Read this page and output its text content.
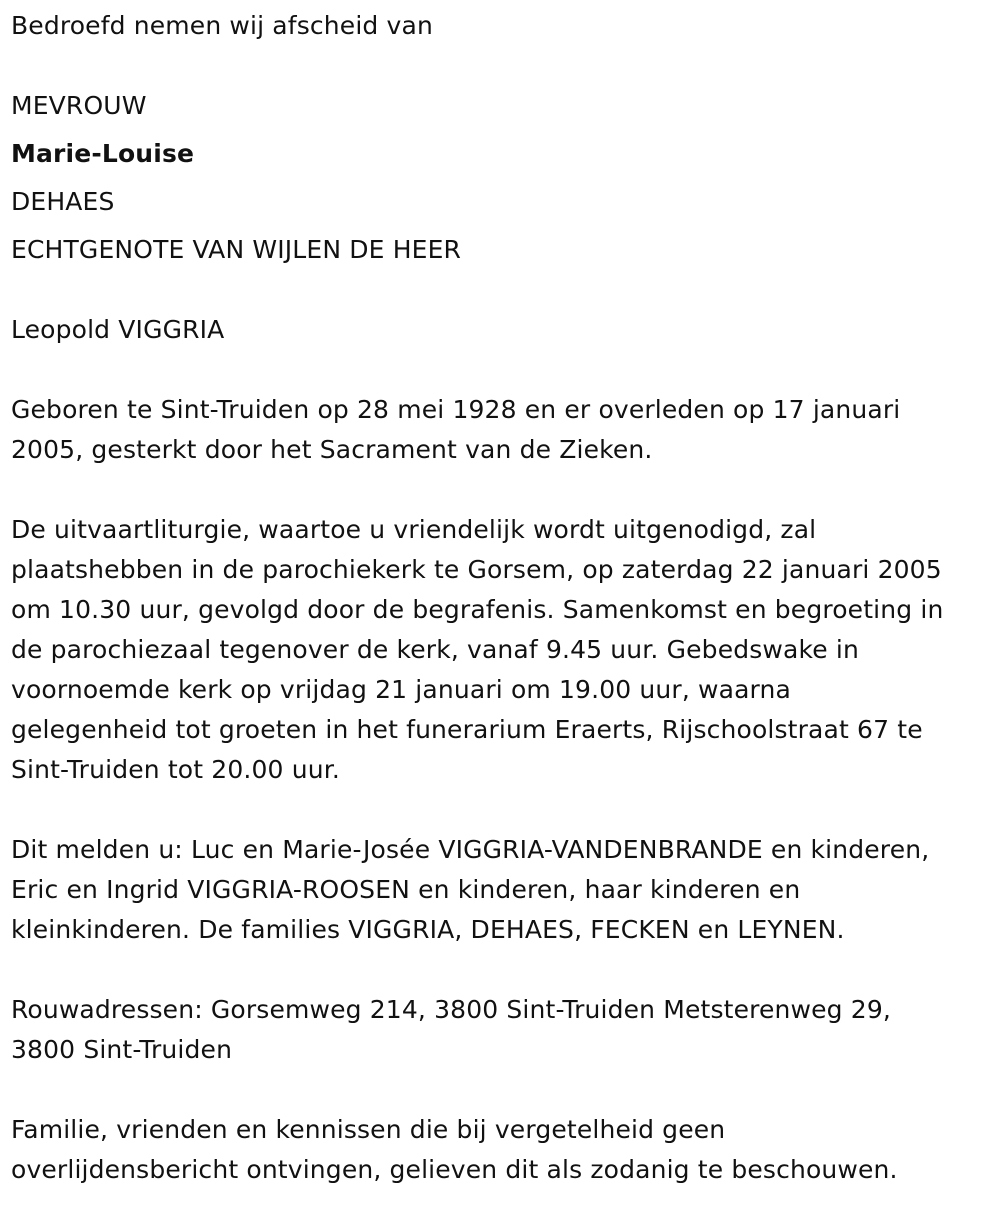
Bedroefd nemen wij afscheid van
MEVROUW
Marie-Louise
DEHAES
ECHTGENOTE VAN WIJLEN DE HEER
Leopold VIGGRIA
Geboren te Sint-Truiden op 28 mei 1928 en er overleden op 17 januari
2005, gesterkt door het Sacrament van de Zieken.
De uitvaartliturgie, waartoe u vriendelijk wordt uitgenodigd, zal
plaatshebben in de parochiekerk te Gorsem, op zaterdag 22 januari 2005
om 10.30 uur, gevolgd door de begrafenis. Samenkomst en begroeting in
de parochiezaal tegenover de kerk, vanaf 9.45 uur. Gebedswake in
voornoemde kerk op vrijdag 21 januari om 19.00 uur, waarna
gelegenheid tot groeten in het funerarium Eraerts, Rijschoolstraat 67 te
Sint-Truiden tot 20.00 uur.
Dit melden u: Luc en Marie-Josée VIGGRIA-VANDENBRANDE en kinderen,
Eric en Ingrid VIGGRIA-ROOSEN en kinderen, haar kinderen en
kleinkinderen. De families VIGGRIA, DEHAES, FECKEN en LEYNEN.
Rouwadressen: Gorsemweg 214, 3800 Sint-Truiden Metsterenweg 29,
3800 Sint-Truiden
Familie, vrienden en kennissen die bij vergetelheid geen
overlijdensbericht ontvingen, gelieven dit als zodanig te beschouwen.
